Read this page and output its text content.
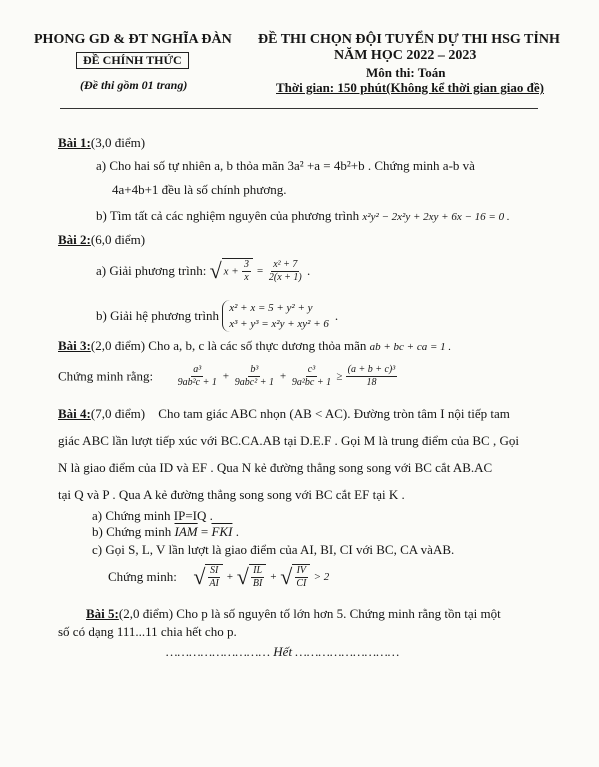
PHONG GD & ĐT NGHĨA ĐÀN
ĐỀ CHÍNH THỨC
(Đề thi gồm 01 trang)
ĐỀ THI CHỌN ĐỘI TUYỂN DỰ THI HSG TỈNH
NĂM HỌC 2022 – 2023
Môn thi: Toán
Thời gian: 150 phút(Không kể thời gian giao đề)
Bài 1:(3,0 điểm)
a) Cho hai số tự nhiên a, b thỏa mãn 3a² +a = 4b²+b . Chứng minh a-b và
4a+4b+1 đều là số chính phương.
b) Tìm tất cả các nghiệm nguyên của phương trình x²y² − 2x²y + 2xy + 6x − 16 = 0 .
Bài 2:(6,0 điểm)
a) Giải phương trình: √ $x + \frac{3}{x} = \frac{\text{x² + 7}}{2(x + 1)}$ .
b) Giải hệ phương trình x² + x = 5 + y² + y
x³ + y³ = x²y + xy² + 6
.
Bài 3:(2,0 điểm) Cho a, b, c là các số thực dương thỏa mãn ab + bc + ca = 1 .
Chứng minh rằng: $\frac{\text{a³}}{\text{9ab²c + 1}} + \frac{\text{b³}}{\text{9abc² + 1}} + \frac{\text{c³}}{\text{9a²bc + 1}} \ge \frac{\text{(a + b + c)³}}{18}$
Bài 4:(7,0 điểm) Cho tam giác ABC nhọn (AB < AC). Đường tròn tâm I nội tiếp tam
giác ABC lần lượt tiếp xúc với BC.CA.AB tại D.E.F . Gọi M là trung điểm của BC , Gọi
N là giao điểm của ID và EF . Qua N kẻ đường thẳng song song với BC cắt AB.AC
tại Q và P . Qua A kẻ đường thẳng song song với BC cắt EF tại K .
a) Chứng minh IP=IQ .
b) Chứng minh $\overline{IAM} = \overline{FKI}$ .
c) Gọi S, L, V lần lượt là giao điểm của AI, BI, CI với BC, CA vàAB.
Chứng minh: √ $\frac{SI}{AI}$ + √ $\frac{IL}{BI}$ + √ $\frac{IV}{CI} > 2$
Bài 5:(2,0 điểm) Cho p là số nguyên tố lớn hơn 5. Chứng minh rằng tồn tại một
số có dạng 111...11 chia hết cho p.
……………………… Hết ………………………
